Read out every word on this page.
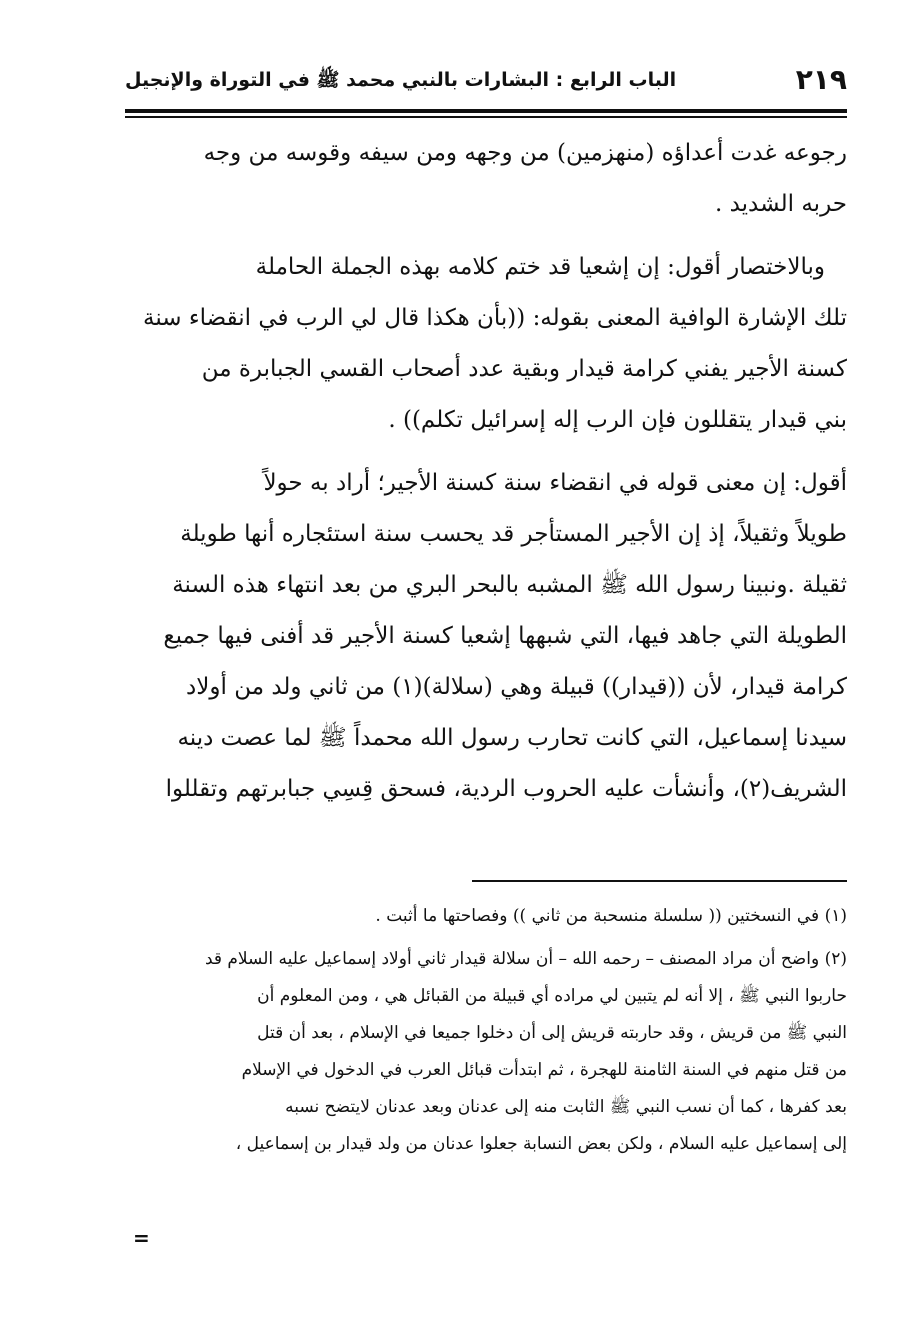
٢١٩
الباب الرابع : البشارات بالنبي محمد ﷺ في التوراة والإنجيل

رجوعه غدت أعداؤه (منهزمين) من وجهه ومن سيفه وقوسه من وجه
حربه الشديد .

وبالاختصار أقول: إن إشعيا قد ختم كلامه بهذه الجملة الحاملة
تلك الإشارة الوافية المعنى بقوله: ((بأن هكذا قال لي الرب في انقضاء سنة
كسنة الأجير يفني كرامة قيدار وبقية عدد أصحاب القسي الجبابرة من
بني قيدار يتقللون فإن الرب إله إسرائيل تكلم)) .

أقول: إن معنى قوله في انقضاء سنة كسنة الأجير؛ أراد به حولاً
طويلاً وثقيلاً، إذ إن الأجير المستأجر قد يحسب سنة استئجاره أنها طويلة
ثقيلة .ونبينا رسول الله ﷺ المشبه بالبحر البري من بعد انتهاء هذه السنة
الطويلة التي جاهد فيها، التي شبهها إشعيا كسنة الأجير قد أفنى فيها جميع
كرامة قيدار، لأن ((قيدار)) قبيلة وهي (سلالة)(١) من ثاني ولد من أولاد
سيدنا إسماعيل، التي كانت تحارب رسول الله محمداً ﷺ لما عصت دينه
الشريف(٢)، وأنشأت عليه الحروب الردية، فسحق قِسِي جبابرتهم وتقللوا

(١) في النسختين (( سلسلة منسحبة من ثاني )) وفصاحتها ما أثبت .

(٢) واضح أن مراد المصنف – رحمه الله – أن سلالة قيدار ثاني أولاد إسماعيل عليه السلام قد
حاربوا النبي ﷺ ، إلا أنه لم يتبين لي مراده أي قبيلة من القبائل هي ، ومن المعلوم أن
النبي ﷺ من قريش ، وقد حاربته قريش إلى أن دخلوا جميعا في الإسلام ، بعد أن قتل
من قتل منهم في السنة الثامنة للهجرة ، ثم ابتدأت قبائل العرب في الدخول في الإسلام
بعد كفرها ، كما أن نسب النبي ﷺ الثابت منه إلى عدنان وبعد عدنان لايتضح نسبه
إلى إسماعيل عليه السلام ، ولكن بعض النسابة جعلوا عدنان من ولد قيدار بن إسماعيل ،

=
